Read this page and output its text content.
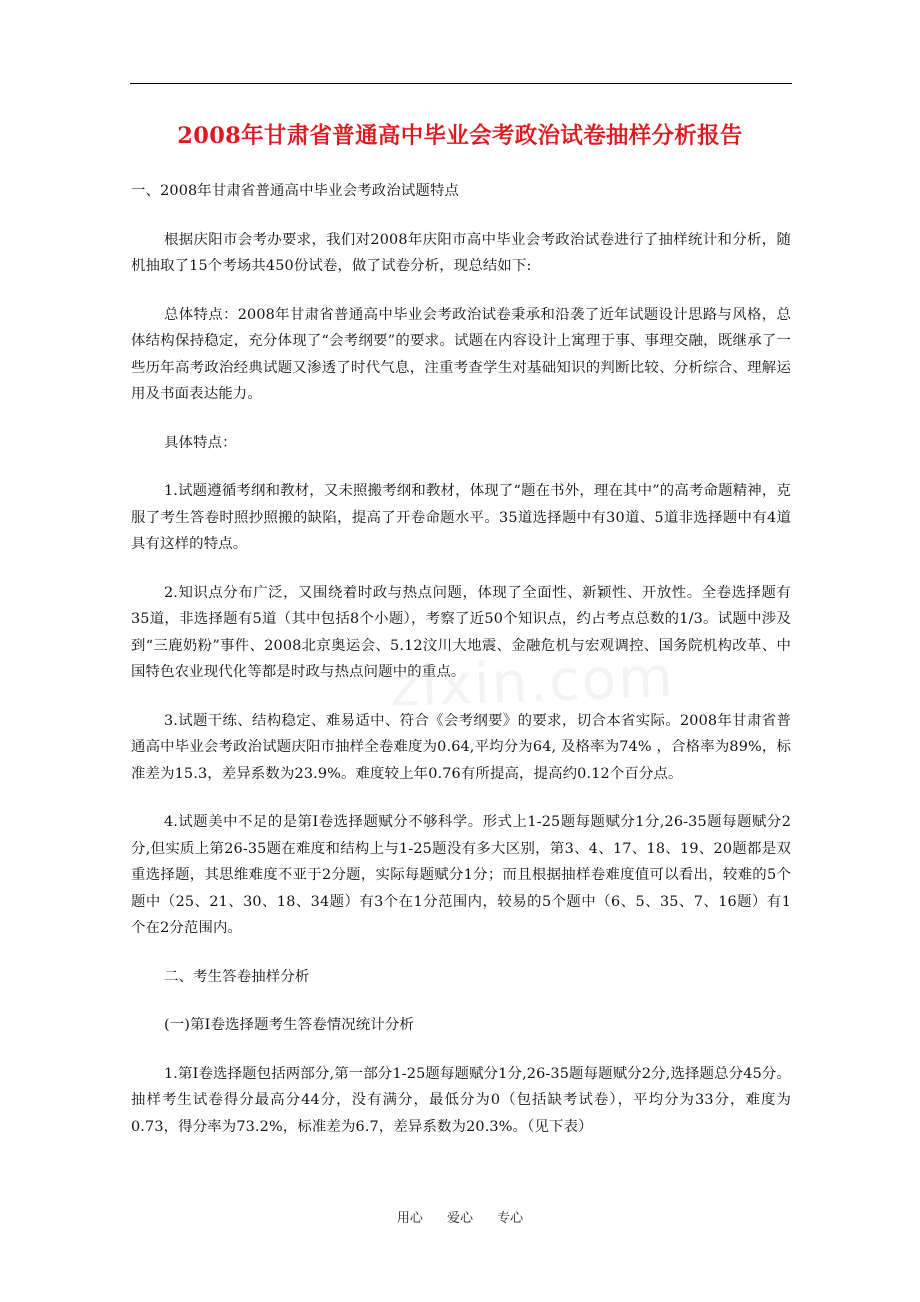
2008年甘肃省普通高中毕业会考政治试卷抽样分析报告

一、2008年甘肃省普通高中毕业会考政治试题特点

根据庆阳市会考办要求，我们对2008年庆阳市高中毕业会考政治试卷进行了抽样统计和分析，随机抽取了15个考场共450份试卷，做了试卷分析，现总结如下:

总体特点：2008年甘肃省普通高中毕业会考政治试卷秉承和沿袭了近年试题设计思路与风格，总体结构保持稳定，充分体现了“会考纲要”的要求。试题在内容设计上寓理于事、事理交融，既继承了一些历年高考政治经典试题又渗透了时代气息，注重考查学生对基础知识的判断比较、分析综合、理解运用及书面表达能力。

具体特点：

1.试题遵循考纲和教材，又未照搬考纲和教材，体现了“题在书外，理在其中”的高考命题精神，克服了考生答卷时照抄照搬的缺陷，提高了开卷命题水平。35道选择题中有30道、5道非选择题中有4道具有这样的特点。

2.知识点分布广泛，又围绕着时政与热点问题，体现了全面性、新颖性、开放性。全卷选择题有35道，非选择题有5道（其中包括8个小题），考察了近50个知识点，约占考点总数的1/3。试题中涉及到“三鹿奶粉”事件、2008北京奥运会、5.12汶川大地震、金融危机与宏观调控、国务院机构改革、中国特色农业现代化等都是时政与热点问题中的重点。

3.试题干练、结构稳定、难易适中、符合《会考纲要》的要求，切合本省实际。2008年甘肃省普通高中毕业会考政治试题庆阳市抽样全卷难度为0.64,平均分为64, 及格率为74% ，合格率为89%，标准差为15.3，差异系数为23.9%。难度较上年0.76有所提高，提高约0.12个百分点。

4.试题美中不足的是第Ⅰ卷选择题赋分不够科学。形式上1-25题每题赋分1分,26-35题每题赋分2分,但实质上第26-35题在难度和结构上与1-25题没有多大区别，第3、4、17、18、19、20题都是双重选择题，其思维难度不亚于2分题，实际每题赋分1分；而且根据抽样卷难度值可以看出，较难的5个题中（25、21、30、18、34题）有3个在1分范围内，较易的5个题中（6、5、35、7、16题）有1个在2分范围内。

二、考生答卷抽样分析

(一)第Ⅰ卷选择题考生答卷情况统计分析

1.第Ⅰ卷选择题包括两部分,第一部分1-25题每题赋分1分,26-35题每题赋分2分,选择题总分45分。抽样考生试卷得分最高分44分，没有满分，最低分为0（包括缺考试卷），平均分为33分，难度为0.73，得分率为73.2%，标准差为6.7，差异系数为20.3%。（见下表）

zixin.com
用心 爱心 专心
